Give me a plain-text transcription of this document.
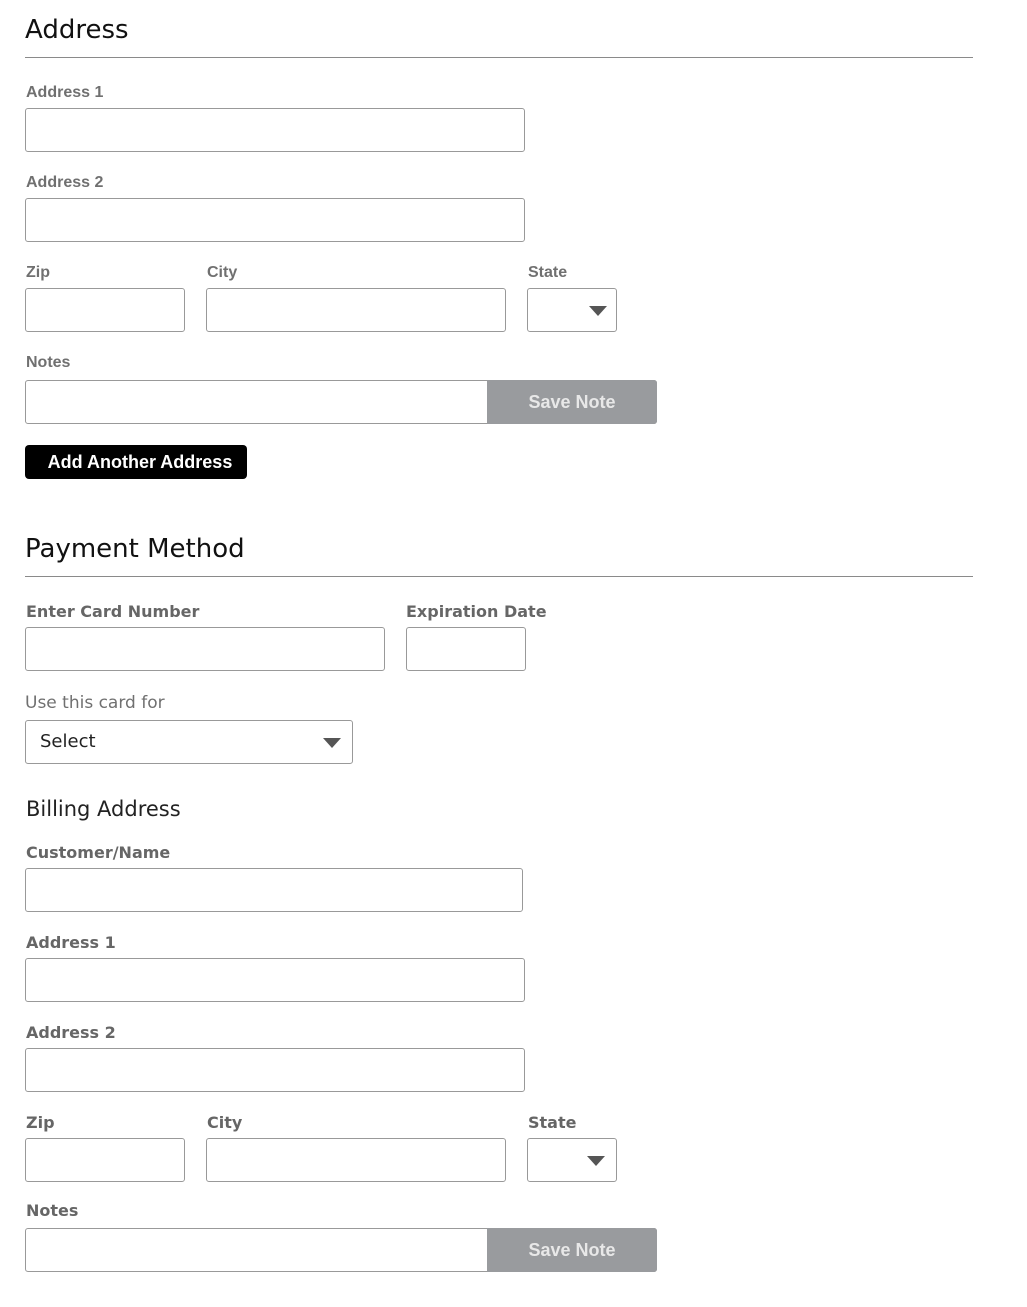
Address
Address 1
Address 2
Zip	City	State
Notes
Save Note
Add Another Address
Payment Method
Enter Card Number	Expiration Date
Use this card for
Select
Billing Address
Customer/Name
Address 1
Address 2
Zip	City	State
Notes
Save Note
